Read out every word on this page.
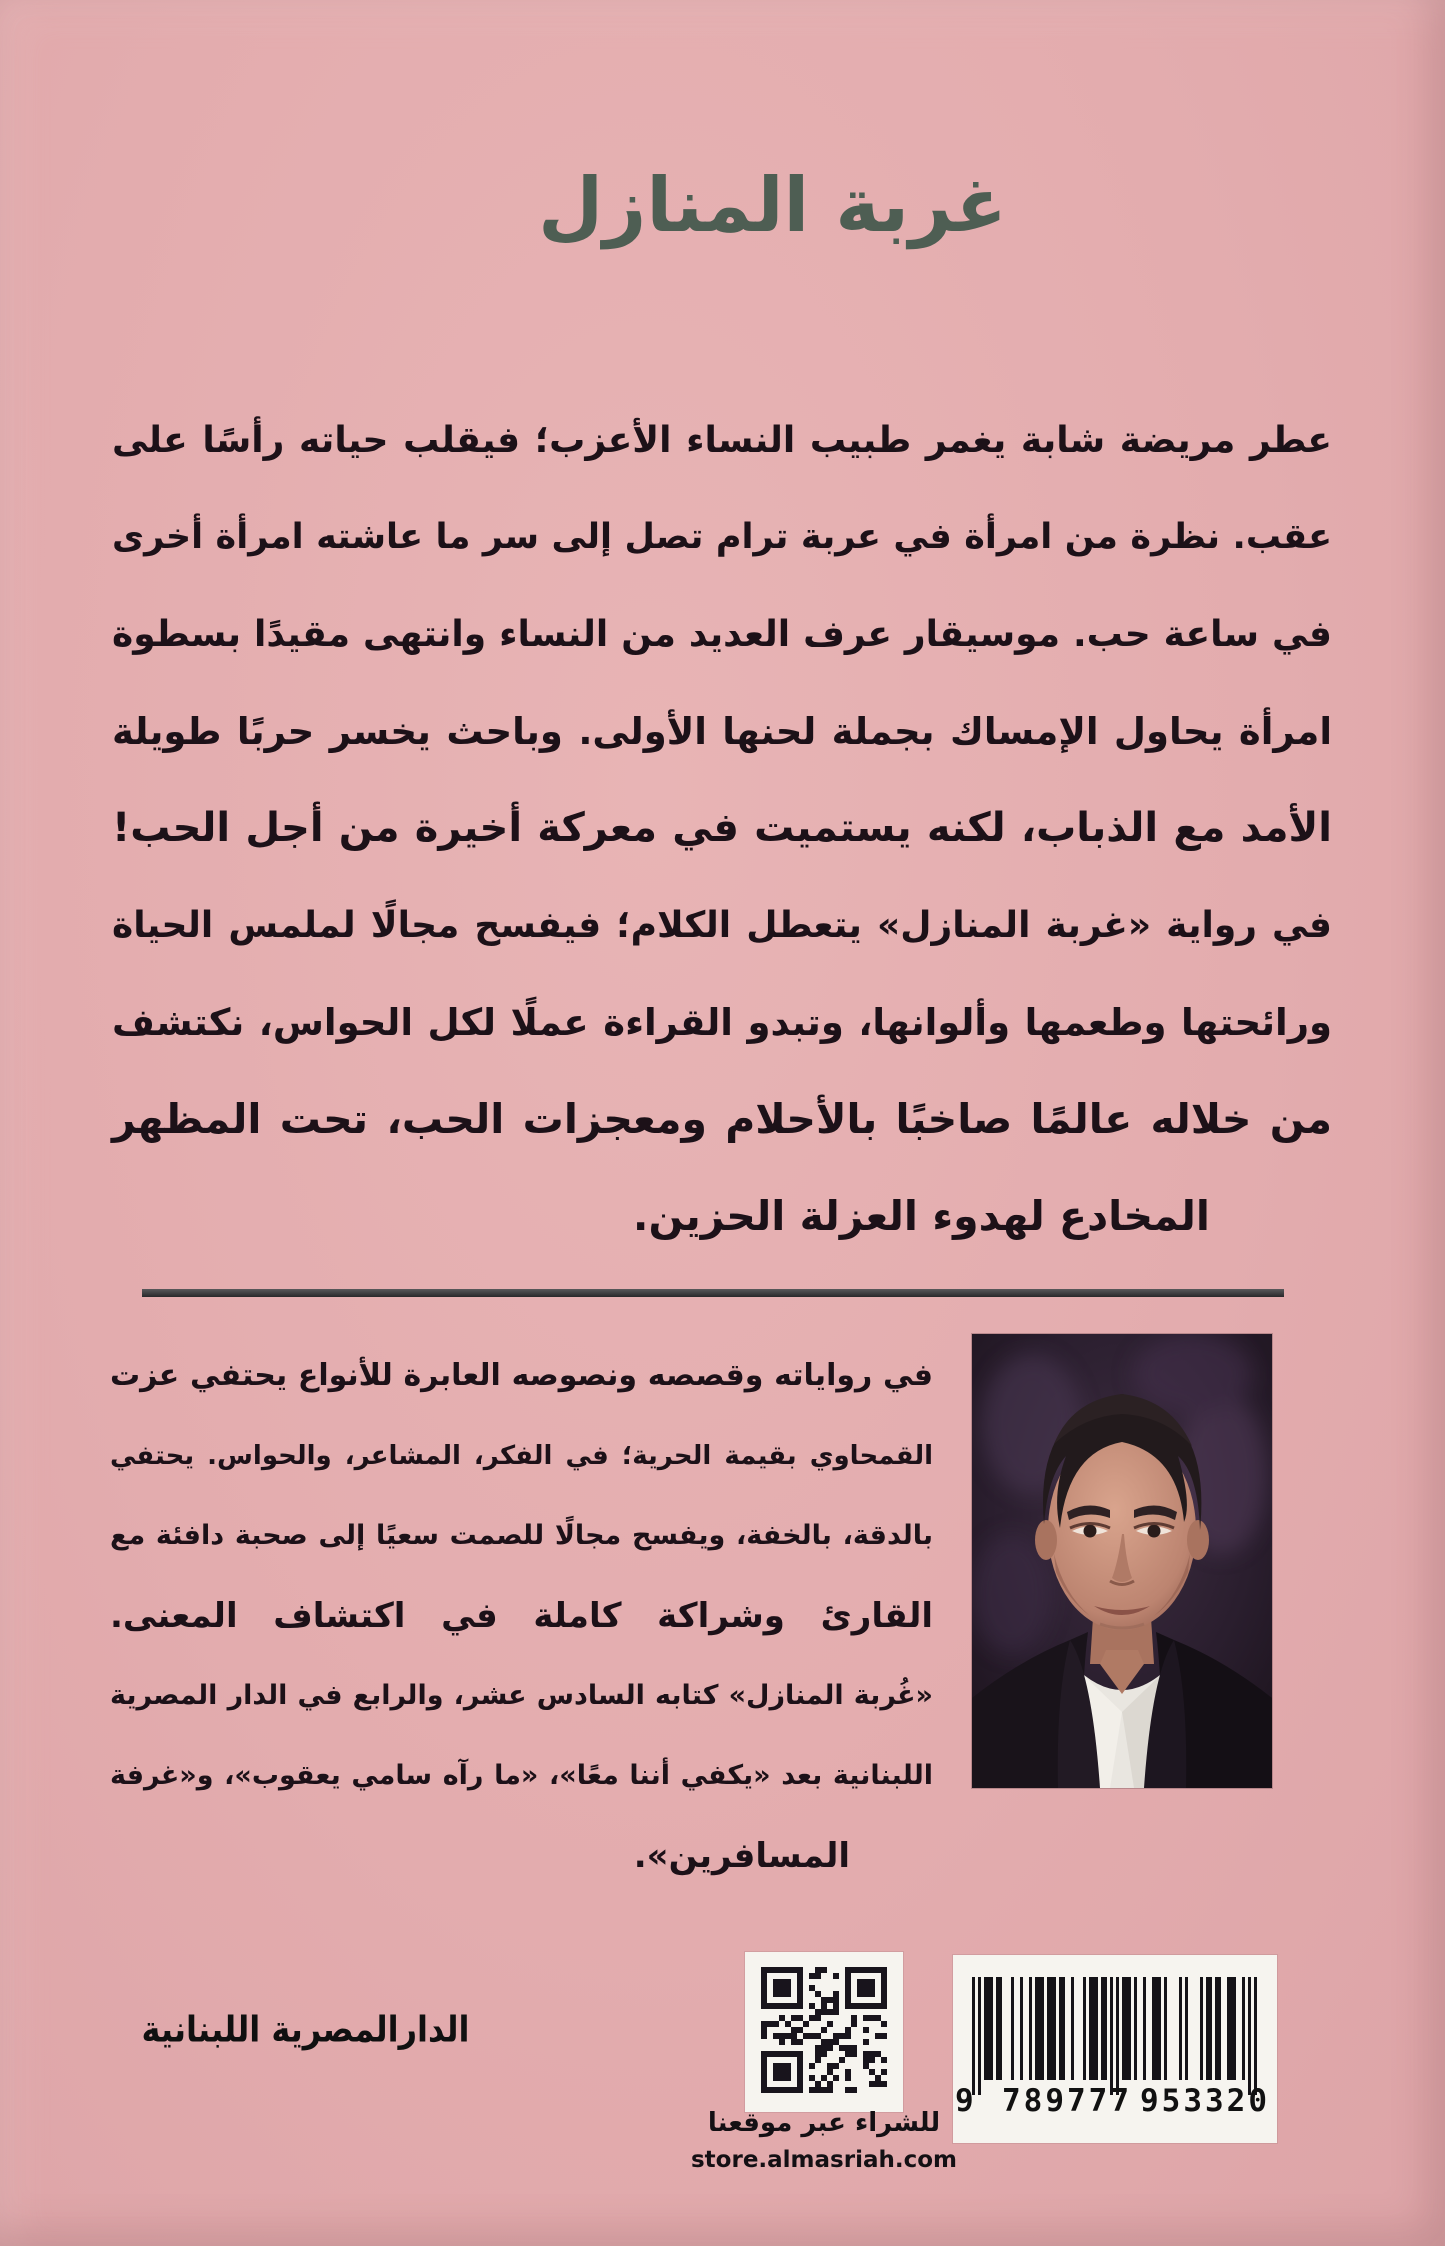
غربة المنازل
عطر مريضة شابة يغمر طبيب النساء الأعزب؛ فيقلب حياته رأسًا على
عقب. نظرة من امرأة في عربة ترام تصل إلى سر ما عاشته امرأة أخرى
في ساعة حب. موسيقار عرف العديد من النساء وانتهى مقيدًا بسطوة
امرأة يحاول الإمساك بجملة لحنها الأولى. وباحث يخسر حربًا طويلة
الأمد مع الذباب، لكنه يستميت في معركة أخيرة من أجل الحب!
في رواية «غربة المنازل» يتعطل الكلام؛ فيفسح مجالًا لملمس الحياة
ورائحتها وطعمها وألوانها، وتبدو القراءة عملًا لكل الحواس، نكتشف
من خلاله عالمًا صاخبًا بالأحلام ومعجزات الحب، تحت المظهر
المخادع لهدوء العزلة الحزين.
في رواياته وقصصه ونصوصه العابرة للأنواع يحتفي عزت
القمحاوي بقيمة الحرية؛ في الفكر، المشاعر، والحواس. يحتفي
بالدقة، بالخفة، ويفسح مجالًا للصمت سعيًا إلى صحبة دافئة مع
القارئ وشراكة كاملة في اكتشاف المعنى.
«غُربة المنازل» كتابه السادس عشر، والرابع في الدار المصرية
اللبنانية بعد «يكفي أننا معًا»، «ما رآه سامي يعقوب»، و«غرفة
المسافرين».
الدارالمصرية اللبنانية
للشراء عبر موقعنا
store.almasriah.com
9 789777 953320
